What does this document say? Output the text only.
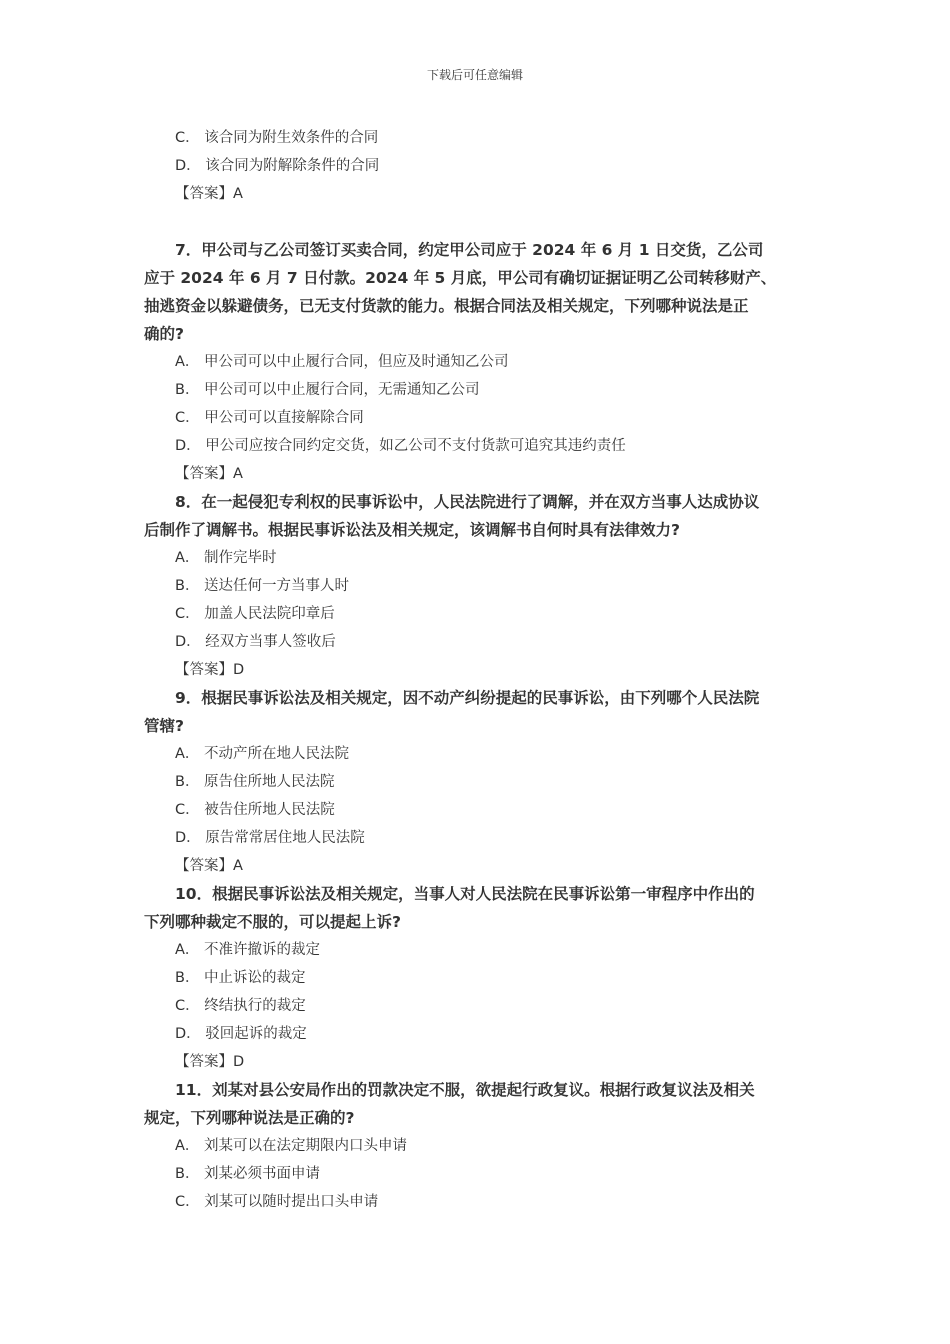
下载后可任意编辑
C． 该合同为附生效条件的合同
D． 该合同为附解除条件的合同
【答案】A
7．甲公司与乙公司签订买卖合同，约定甲公司应于 2024 年 6 月 1 日交货，乙公司
应于 2024 年 6 月 7 日付款。2024 年 5 月底，甲公司有确切证据证明乙公司转移财产、
抽逃资金以躲避债务，已无支付货款的能力。根据合同法及相关规定，下列哪种说法是正
确的?
A． 甲公司可以中止履行合同，但应及时通知乙公司
B． 甲公司可以中止履行合同，无需通知乙公司
C． 甲公司可以直接解除合同
D． 甲公司应按合同约定交货，如乙公司不支付货款可追究其违约责任
【答案】A
8．在一起侵犯专利权的民事诉讼中，人民法院进行了调解，并在双方当事人达成协议
后制作了调解书。根据民事诉讼法及相关规定，该调解书自何时具有法律效力?
A． 制作完毕时
B． 送达任何一方当事人时
C． 加盖人民法院印章后
D． 经双方当事人签收后
【答案】D
9．根据民事诉讼法及相关规定，因不动产纠纷提起的民事诉讼，由下列哪个人民法院
管辖?
A． 不动产所在地人民法院
B． 原告住所地人民法院
C． 被告住所地人民法院
D． 原告常常居住地人民法院
【答案】A
10．根据民事诉讼法及相关规定，当事人对人民法院在民事诉讼第一审程序中作出的
下列哪种裁定不服的，可以提起上诉?
A． 不准许撤诉的裁定
B． 中止诉讼的裁定
C． 终结执行的裁定
D． 驳回起诉的裁定
【答案】D
11．刘某对县公安局作出的罚款决定不服，欲提起行政复议。根据行政复议法及相关
规定，下列哪种说法是正确的?
A． 刘某可以在法定期限内口头申请
B． 刘某必须书面申请
C． 刘某可以随时提出口头申请
